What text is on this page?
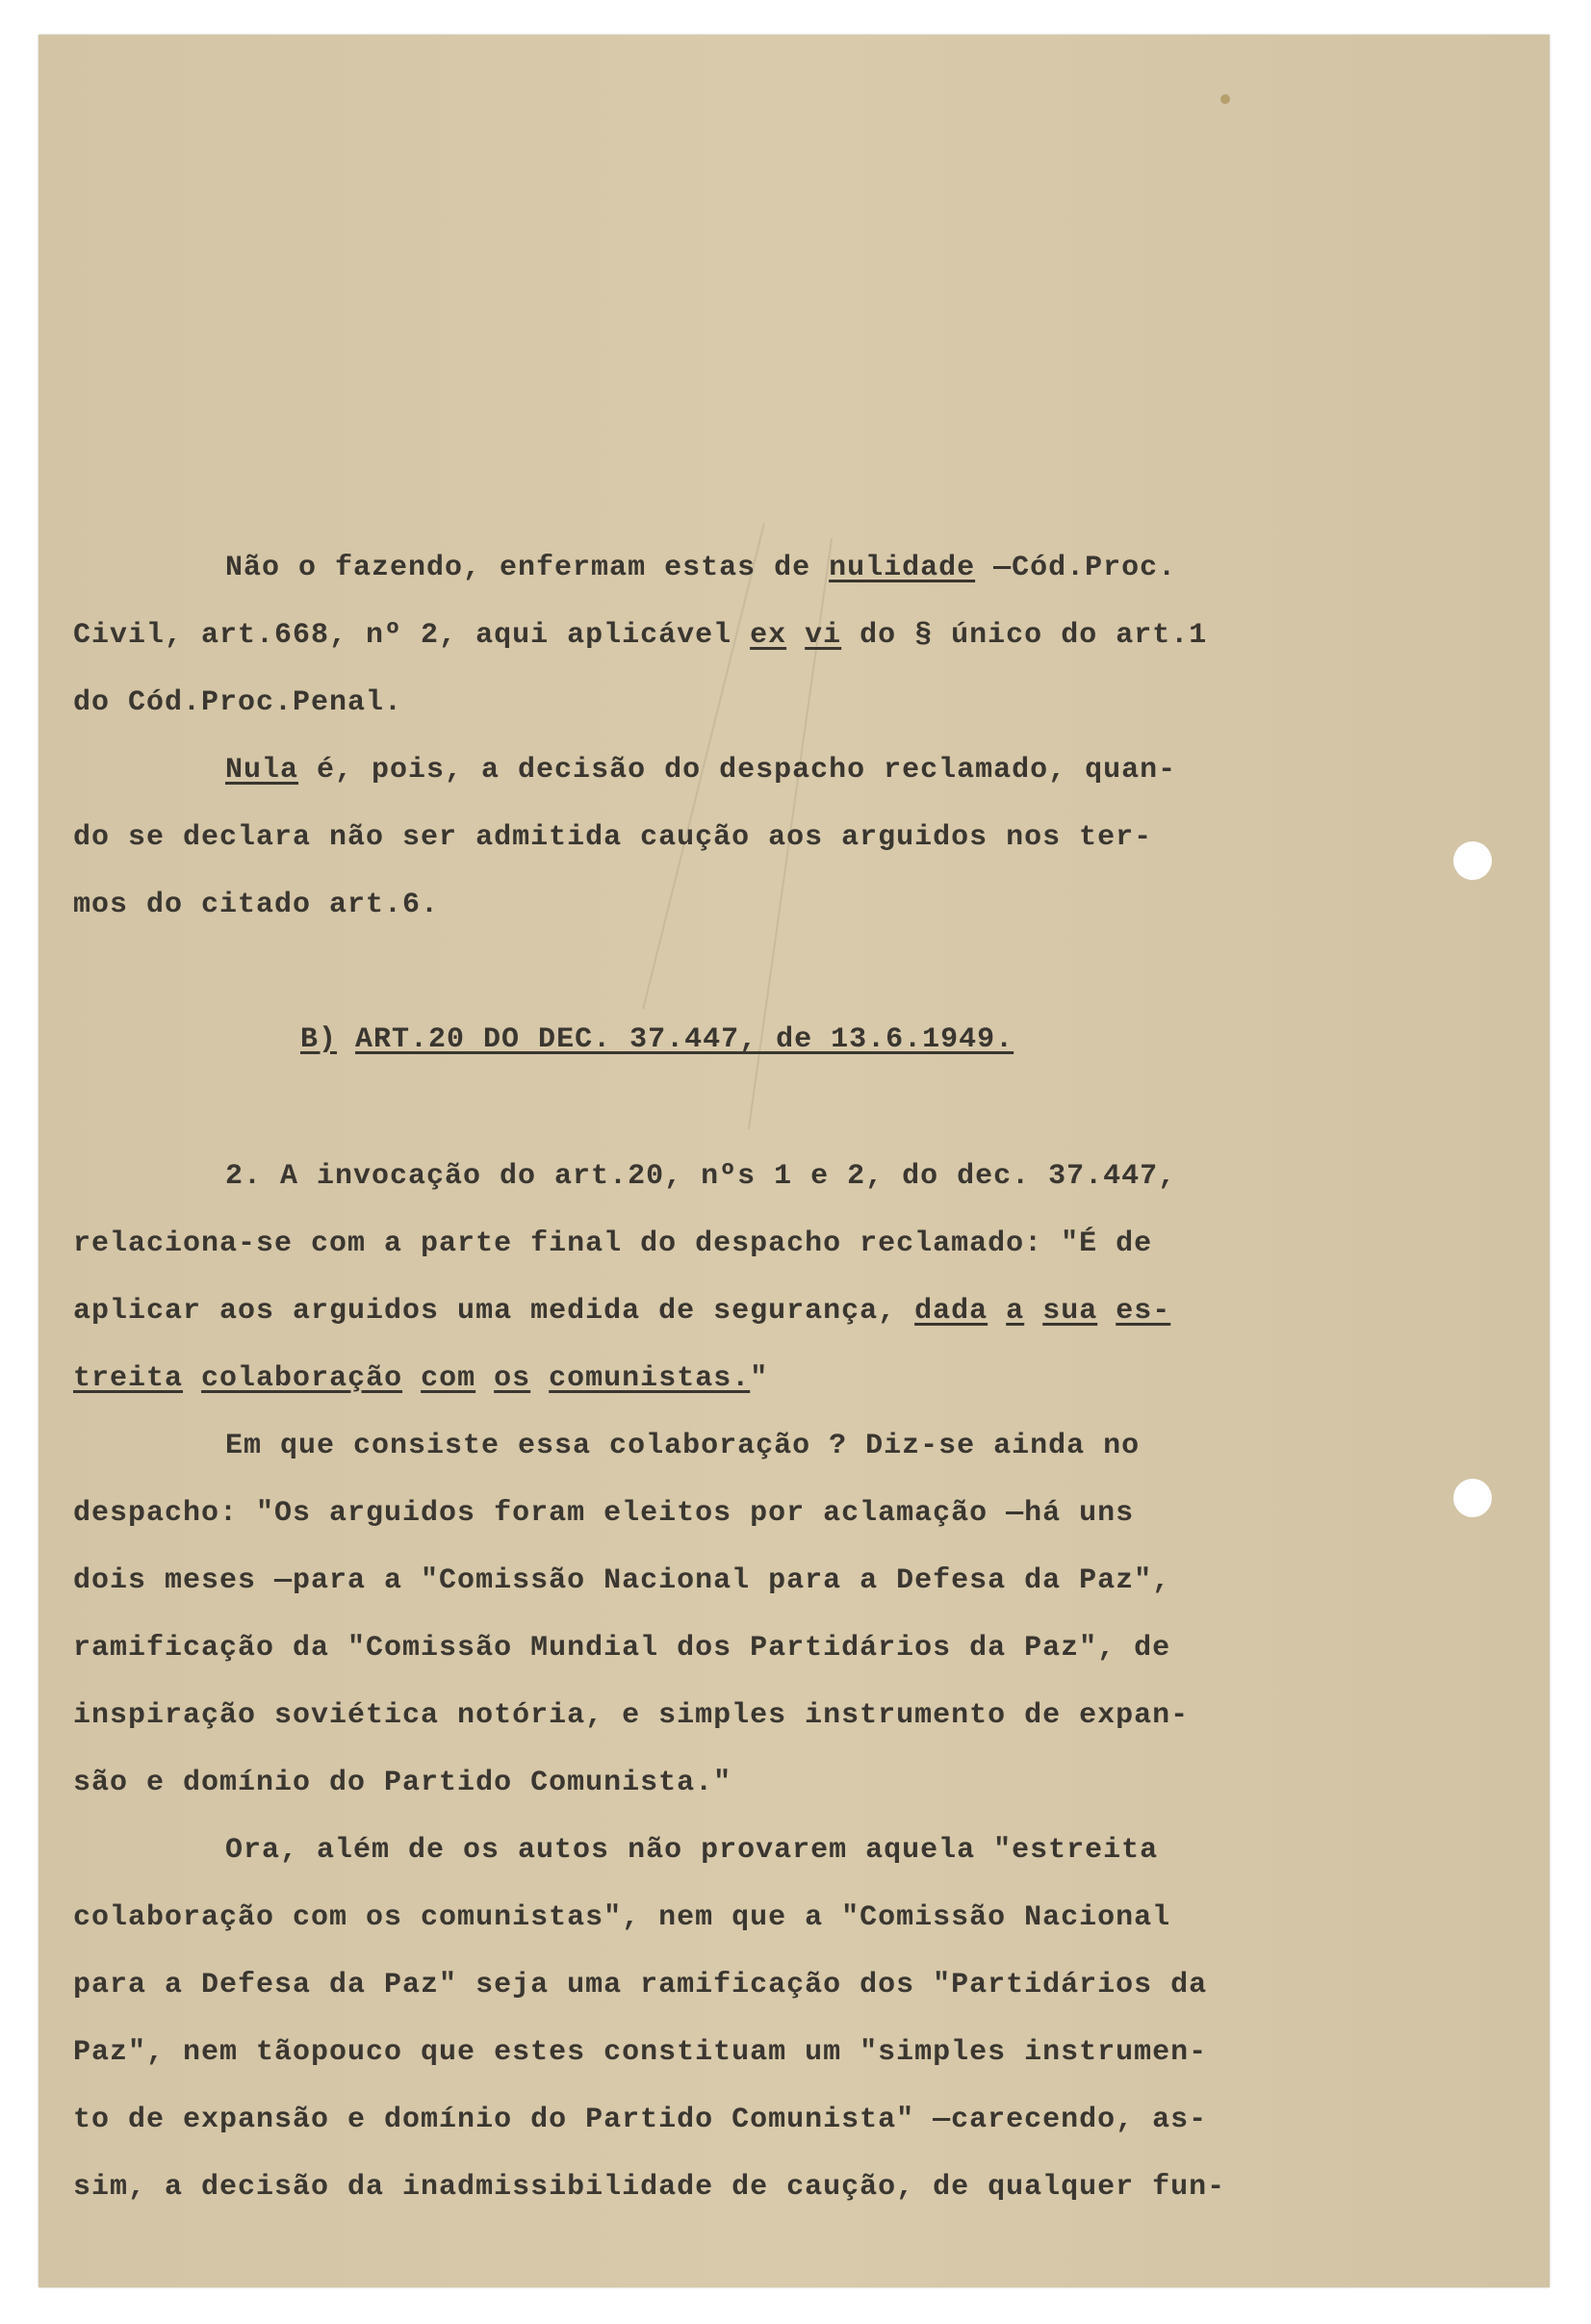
Não o fazendo, enfermam estas de nulidade —Cód.Proc.
Civil, art.668, nº 2, aqui aplicável ex vi do § único do art.1
do Cód.Proc.Penal.
Nula é, pois, a decisão do despacho reclamado, quan-
do se declara não ser admitida caução aos arguidos nos ter-
mos do citado art.6.
B) ART.20 DO DEC. 37.447, de 13.6.1949.
2. A invocação do art.20, nºs 1 e 2, do dec. 37.447,
relaciona-se com a parte final do despacho reclamado: "É de
aplicar aos arguidos uma medida de segurança, dada a sua es-
treita colaboração com os comunistas."
Em que consiste essa colaboração ? Diz-se ainda no
despacho: "Os arguidos foram eleitos por aclamação —há uns
dois meses —para a "Comissão Nacional para a Defesa da Paz",
ramificação da "Comissão Mundial dos Partidários da Paz", de
inspiração soviética notória, e simples instrumento de expan-
são e domínio do Partido Comunista."
Ora, além de os autos não provarem aquela "estreita
colaboração com os comunistas", nem que a "Comissão Nacional
para a Defesa da Paz" seja uma ramificação dos "Partidários da
Paz", nem tãopouco que estes constituam um "simples instrumen-
to de expansão e domínio do Partido Comunista" —carecendo, as-
sim, a decisão da inadmissibilidade de caução, de qualquer fun-
